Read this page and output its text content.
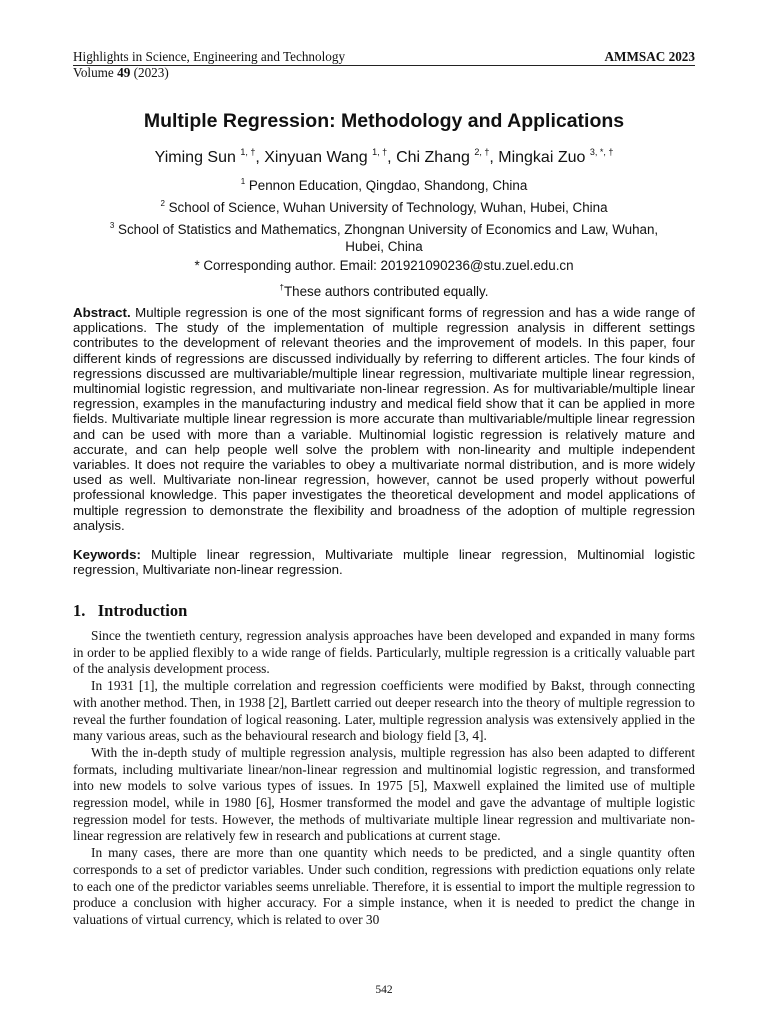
Highlights in Science, Engineering and Technology	AMMSAC 2023
Volume 49 (2023)
Multiple Regression: Methodology and Applications
Yiming Sun $^{1, \dagger}$, Xinyuan Wang $^{1, \dagger}$, Chi Zhang $^{2, \dagger}$, Mingkai Zuo $^{3, *, \dagger}$
$^1$ Pennon Education, Qingdao, Shandong, China
$^2$ School of Science, Wuhan University of Technology, Wuhan, Hubei, China
$^3$ School of Statistics and Mathematics, Zhongnan University of Economics and Law, Wuhan, Hubei, China
* Corresponding author. Email: 201921090236@stu.zuel.edu.cn
†These authors contributed equally.
Abstract. Multiple regression is one of the most significant forms of regression and has a wide range of applications. The study of the implementation of multiple regression analysis in different settings contributes to the development of relevant theories and the improvement of models. In this paper, four different kinds of regressions are discussed individually by referring to different articles. The four kinds of regressions discussed are multivariable/multiple linear regression, multivariate multiple linear regression, multinomial logistic regression, and multivariate non-linear regression. As for multivariable/multiple linear regression, examples in the manufacturing industry and medical field show that it can be applied in more fields. Multivariate multiple linear regression is more accurate than multivariable/multiple linear regression and can be used with more than a variable. Multinomial logistic regression is relatively mature and accurate, and can help people well solve the problem with non-linearity and multiple independent variables. It does not require the variables to obey a multivariate normal distribution, and is more widely used as well. Multivariate non-linear regression, however, cannot be used properly without powerful professional knowledge. This paper investigates the theoretical development and model applications of multiple regression to demonstrate the flexibility and broadness of the adoption of multiple regression analysis.
Keywords: Multiple linear regression, Multivariate multiple linear regression, Multinomial logistic regression, Multivariate non-linear regression.
1. Introduction

Since the twentieth century, regression analysis approaches have been developed and expanded in many forms in order to be applied flexibly to a wide range of fields. Particularly, multiple regression is a critically valuable part of the analysis development process.

In 1931 [1], the multiple correlation and regression coefficients were modified by Bakst, through connecting with another method. Then, in 1938 [2], Bartlett carried out deeper research into the theory of multiple regression to reveal the further foundation of logical reasoning. Later, multiple regression analysis was extensively applied in the many various areas, such as the behavioural research and biology field [3, 4].

With the in-depth study of multiple regression analysis, multiple regression has also been adapted to different formats, including multivariate linear/non-linear regression and multinomial logistic regression, and transformed into new models to solve various types of issues. In 1975 [5], Maxwell explained the limited use of multiple regression model, while in 1980 [6], Hosmer transformed the model and gave the advantage of multiple logistic regression model for tests. However, the methods of multivariate multiple linear regression and multivariate non-linear regression are relatively few in research and publications at current stage.

In many cases, there are more than one quantity which needs to be predicted, and a single quantity often corresponds to a set of predictor variables. Under such condition, regressions with prediction equations only relate to each one of the predictor variables seems unreliable. Therefore, it is essential to import the multiple regression to produce a conclusion with higher accuracy. For a simple instance, when it is needed to predict the change in valuations of virtual currency, which is related to over 30

542
